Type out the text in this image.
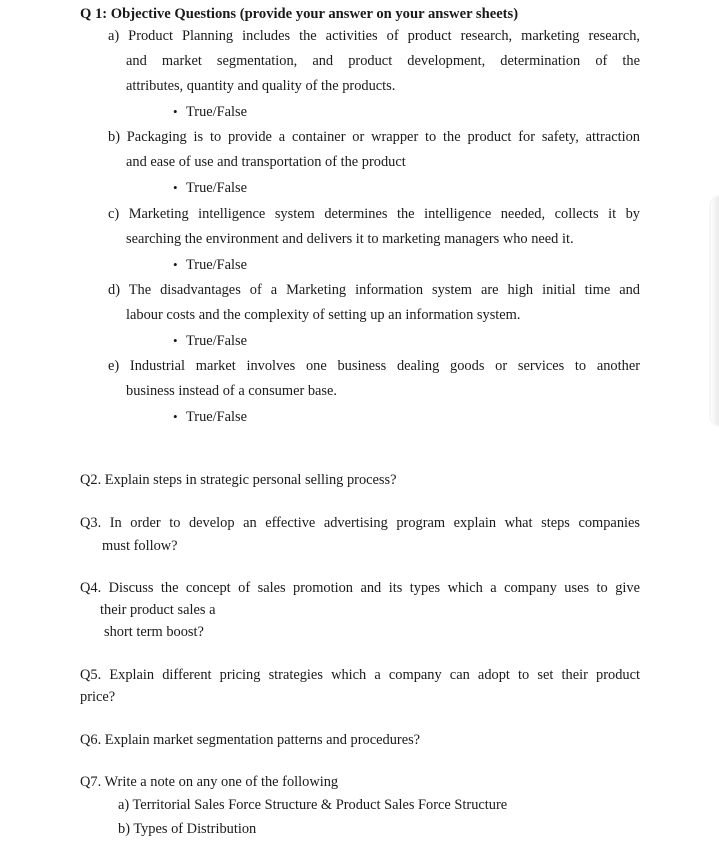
Q 1: Objective Questions (provide your answer on your answer sheets)
a) Product Planning includes the activities of product research, marketing research,
and market segmentation, and product development, determination of the
attributes, quantity and quality of the products.
• True/False
b) Packaging is to provide a container or wrapper to the product for safety, attraction
and ease of use and transportation of the product
• True/False
c) Marketing intelligence system determines the intelligence needed, collects it by
searching the environment and delivers it to marketing managers who need it.
• True/False
d) The disadvantages of a Marketing information system are high initial time and
labour costs and the complexity of setting up an information system.
• True/False
e) Industrial market involves one business dealing goods or services to another
business instead of a consumer base.
• True/False
Q2. Explain steps in strategic personal selling process?
Q3. In order to develop an effective advertising program explain what steps companies
must follow?
Q4. Discuss the concept of sales promotion and its types which a company uses to give
their product sales a
short term boost?
Q5. Explain different pricing strategies which a company can adopt to set their product
price?
Q6. Explain market segmentation patterns and procedures?
Q7. Write a note on any one of the following
a) Territorial Sales Force Structure & Product Sales Force Structure
b) Types of Distribution
